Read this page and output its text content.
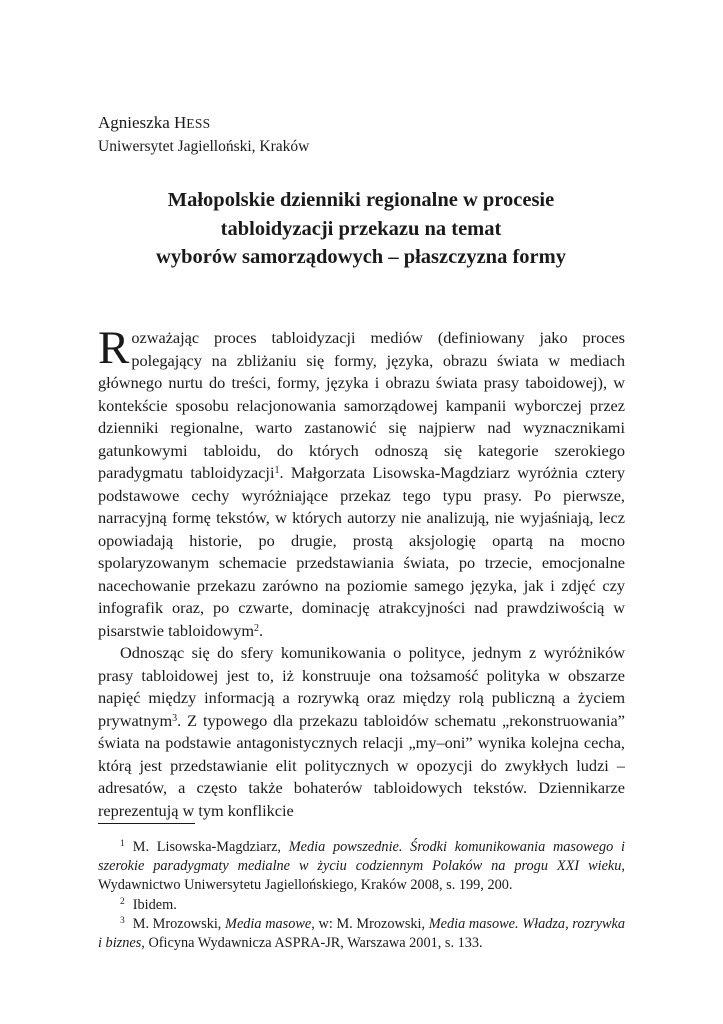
Agnieszka HESS
Uniwersytet Jagielloński, Kraków
Małopolskie dzienniki regionalne w procesie
tabloidyzacji przekazu na temat
wyborów samorządowych – płaszczyzna formy

Rozważając proces tabloidyzacji mediów (definiowany jako proces polegający na zbliżaniu się formy, języka, obrazu świata w mediach głównego nurtu do treści, formy, języka i obrazu świata prasy taboidowej), w kontekście sposobu relacjonowania samorządowej kampanii wyborczej przez dzienniki regionalne, warto zastanowić się najpierw nad wyznacznikami gatunkowymi tabloidu, do których odnoszą się kategorie szerokiego paradygmatu tabloidyzacji$^1$. Małgorzata Lisowska-Magdziarz wyróżnia cztery podstawowe cechy wyróżniające przekaz tego typu prasy. Po pierwsze, narracyjną formę tekstów, w których autorzy nie analizują, nie wyjaśniają, lecz opowiadają historie, po drugie, prostą aksjologię opartą na mocno spolaryzowanym schemacie przedstawiania świata, po trzecie, emocjonalne nacechowanie przekazu zarówno na poziomie samego języka, jak i zdjęć czy infografik oraz, po czwarte, dominację atrakcyjności nad prawdziwością w pisarstwie tabloidowym$^2$.

Odnosząc się do sfery komunikowania o polityce, jednym z wyróżników prasy tabloidowej jest to, iż konstruuje ona tożsamość polityka w obszarze napięć między informacją a rozrywką oraz między rolą publiczną a życiem prywatnym$^3$. Z typowego dla przekazu tabloidów schematu „rekonstruowania” świata na podstawie antagonistycznych relacji „my–oni” wynika kolejna cecha, którą jest przedstawianie elit politycznych w opozycji do zwykłych ludzi – adresatów, a często także bohaterów tabloidowych tekstów. Dziennikarze reprezentują w tym konflikcie

$^1$ M. Lisowska-Magdziarz, Media powszednie. Środki komunikowania masowego i szerokie paradygmaty medialne w życiu codziennym Polaków na progu XXI wieku, Wydawnictwo Uniwersytetu Jagiellońskiego, Kraków 2008, s. 199, 200.
$^2$ Ibidem.
$^3$ M. Mrozowski, Media masowe, w: M. Mrozowski, Media masowe. Władza, rozrywka i biznes, Oficyna Wydawnicza ASPRA-JR, Warszawa 2001, s. 133.
